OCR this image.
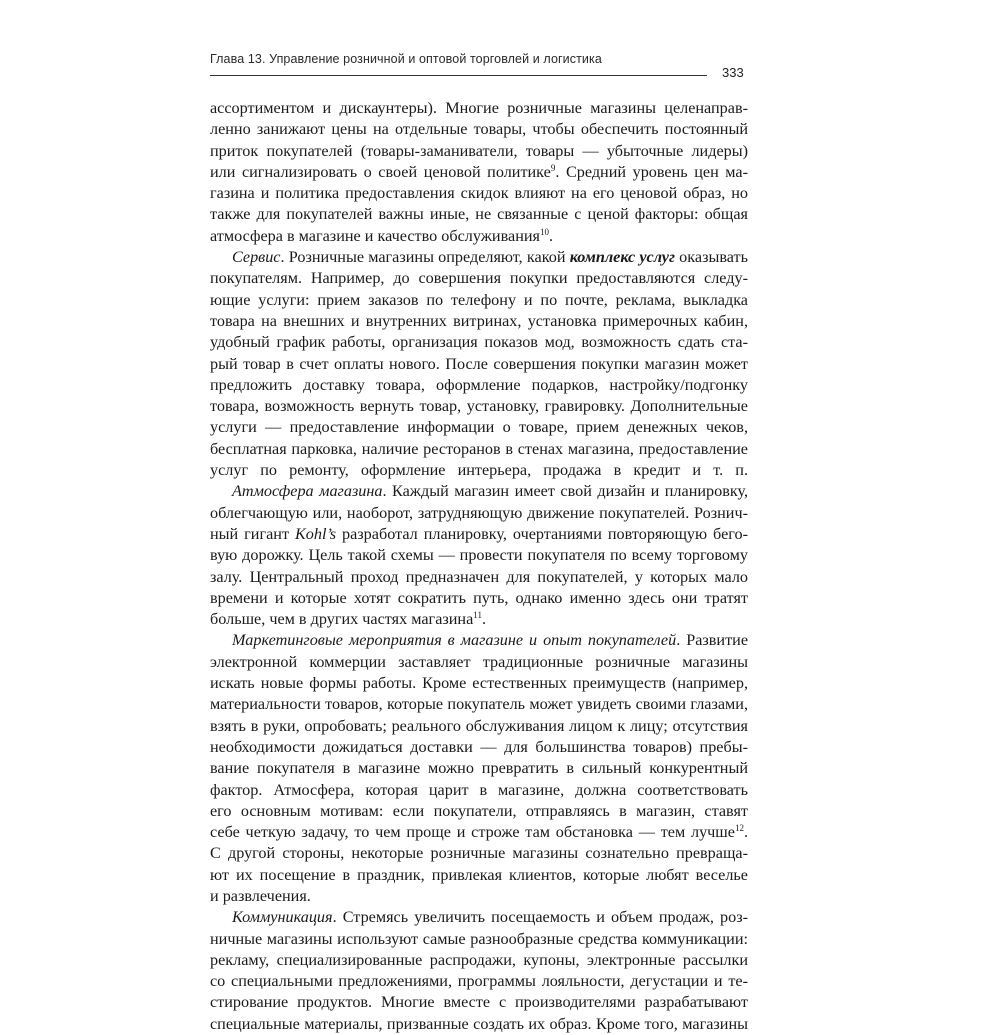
Глава 13. Управление розничной и оптовой торговлей и логистика
333
ассортиментом и дискаунтеры). Многие розничные магазины целенаправ-
ленно занижают цены на отдельные товары, чтобы обеспечить постоянный
приток покупателей (товары-заманиватели, товары — убыточные лидеры)
или сигнализировать о своей ценовой политике$^9$. Средний уровень цен ма-
газина и политика предоставления скидок влияют на его ценовой образ, но
также для покупателей важны иные, не связанные с ценой факторы: общая
атмосфера в магазине и качество обслуживания$^{10}$.
Сервис. Розничные магазины определяют, какой комплекс услуг оказывать
покупателям. Например, до совершения покупки предоставляются следу-
ющие услуги: прием заказов по телефону и по почте, реклама, выкладка
товара на внешних и внутренних витринах, установка примерочных кабин,
удобный график работы, организация показов мод, возможность сдать ста-
рый товар в счет оплаты нового. После совершения покупки магазин может
предложить доставку товара, оформление подарков, настройку/подгонку
товара, возможность вернуть товар, установку, гравировку. Дополнительные
услуги — предоставление информации о товаре, прием денежных чеков,
бесплатная парковка, наличие ресторанов в стенах магазина, предоставление
услуг по ремонту, оформление интерьера, продажа в кредит и т. п.
Атмосфера магазина. Каждый магазин имеет свой дизайн и планировку,
облегчающую или, наоборот, затрудняющую движение покупателей. Рознич-
ный гигант Kohl’s разработал планировку, очертаниями повторяющую бего-
вую дорожку. Цель такой схемы — провести покупателя по всему торговому
залу. Центральный проход предназначен для покупателей, у которых мало
времени и которые хотят сократить путь, однако именно здесь они тратят
больше, чем в других частях магазина$^{11}$.
Маркетинговые мероприятия в магазине и опыт покупателей. Развитие
электронной коммерции заставляет традиционные розничные магазины
искать новые формы работы. Кроме естественных преимуществ (например,
материальности товаров, которые покупатель может увидеть своими глазами,
взять в руки, опробовать; реального обслуживания лицом к лицу; отсутствия
необходимости дожидаться доставки — для большинства товаров) пребы-
вание покупателя в магазине можно превратить в сильный конкурентный
фактор. Атмосфера, которая царит в магазине, должна соответствовать
его основным мотивам: если покупатели, отправляясь в магазин, ставят
себе четкую задачу, то чем проще и строже там обстановка — тем лучше$^{12}$.
С другой стороны, некоторые розничные магазины сознательно превраща-
ют их посещение в праздник, привлекая клиентов, которые любят веселье
и развлечения.
Коммуникация. Стремясь увеличить посещаемость и объем продаж, роз-
ничные магазины используют самые разнообразные средства коммуникации:
рекламу, специализированные распродажи, купоны, электронные рассылки
со специальными предложениями, программы лояльности, дегустации и те-
стирование продуктов. Многие вместе с производителями разрабатывают
специальные материалы, призванные создать их образ. Кроме того, магазины
